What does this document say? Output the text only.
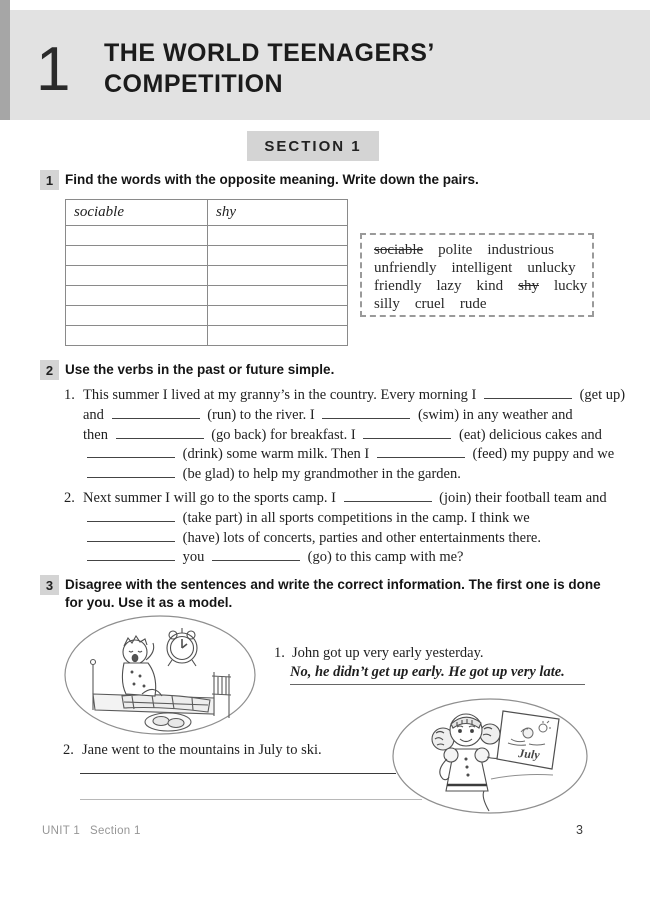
1 THE WORLD TEENAGERS’
COMPETITION
SECTION 1
1 Find the words with the opposite meaning. Write down the pairs.
sociable	shy

sociable polite industrious
unfriendly intelligent unlucky
friendly lazy kind shy lucky
silly cruel rude
2 Use the verbs in the past or future simple.
1. This summer I lived at my granny’s in the country. Every morning I	(get up)
and	(run) to the river. I	(swim) in any weather and
then	(go back) for breakfast. I	(eat) delicious cakes and
(drink) some warm milk. Then I	(feed) my puppy and we
(be glad) to help my grandmother in the garden.
2. Next summer I will go to the sports camp. I	(join) their football team and
(take part) in all sports competitions in the camp. I think we
(have) lots of concerts, parties and other entertainments there.
you	(go) to this camp with me?
3 Disagree with the sentences and write the correct information. The first one is done for you. Use it as a model.
1. John got up very early yesterday.
No, he didn’t get up early. He got up very late.
2. Jane went to the mountains in July to ski.	July
UNIT 1 Section 1	3
